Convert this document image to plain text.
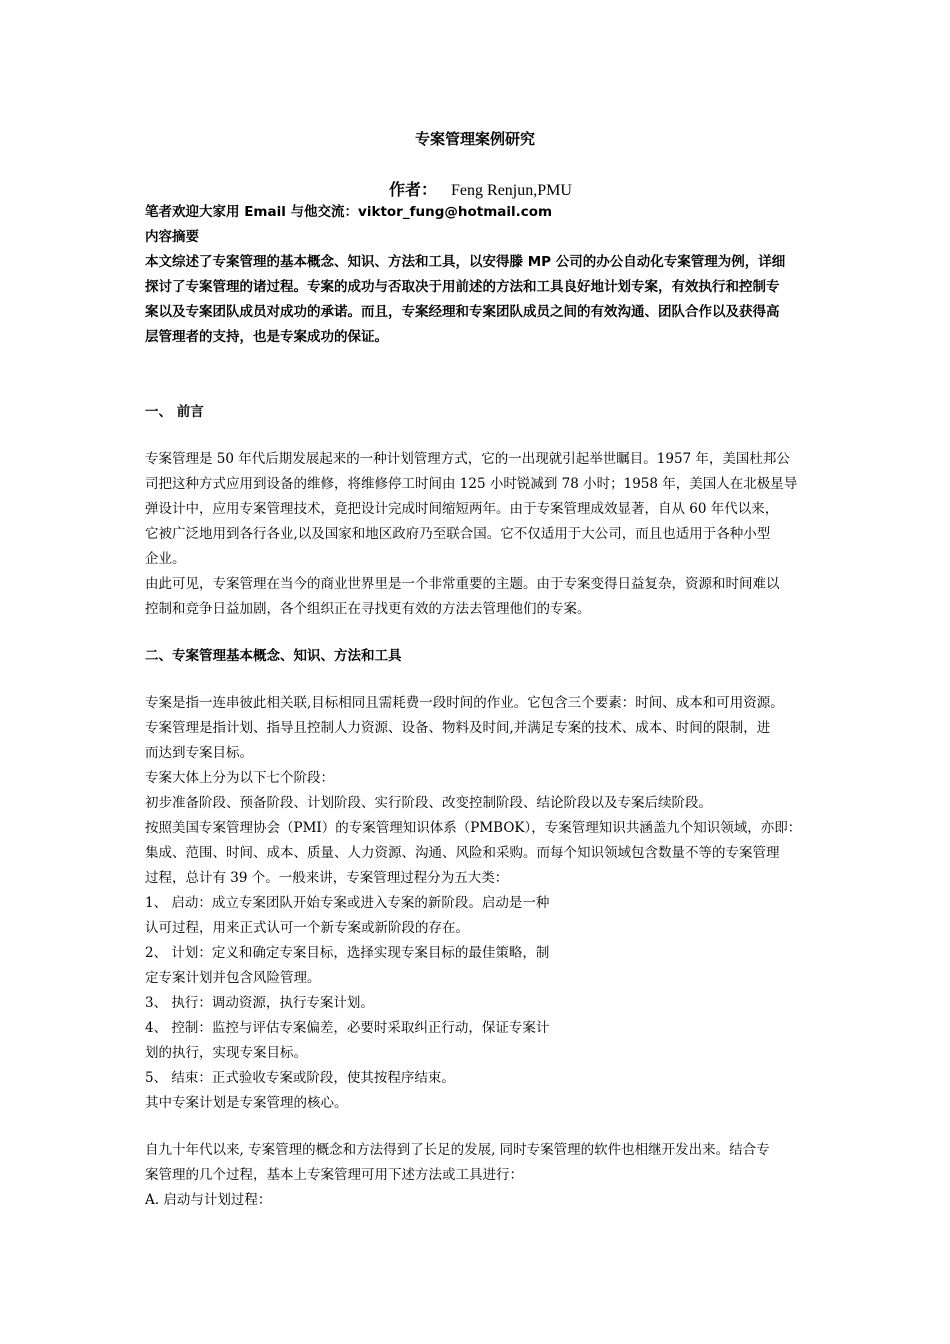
专案管理案例研究
作者： Feng Renjun,PMU
笔者欢迎大家用 Email 与他交流：viktor_fung@hotmail.com
内容摘要
本文综述了专案管理的基本概念、知识、方法和工具，以安得滕 MP 公司的办公自动化专案管理为例，详细
探讨了专案管理的诸过程。专案的成功与否取决于用前述的方法和工具良好地计划专案，有效执行和控制专
案以及专案团队成员对成功的承诺。而且，专案经理和专案团队成员之间的有效沟通、团队合作以及获得高
层管理者的支持，也是专案成功的保证。
一、 前言
专案管理是 50 年代后期发展起来的一种计划管理方式，它的一出现就引起举世瞩目。1957 年，美国杜邦公
司把这种方式应用到设备的维修，将维修停工时间由 125 小时锐减到 78 小时；1958 年，美国人在北极星导
弹设计中，应用专案管理技术，竟把设计完成时间缩短两年。由于专案管理成效显著，自从 60 年代以来，
它被广泛地用到各行各业,以及国家和地区政府乃至联合国。它不仅适用于大公司，而且也适用于各种小型
企业。
由此可见，专案管理在当今的商业世界里是一个非常重要的主题。由于专案变得日益复杂，资源和时间难以
控制和竞争日益加剧，各个组织正在寻找更有效的方法去管理他们的专案。
二、专案管理基本概念、知识、方法和工具
专案是指一连串彼此相关联,目标相同且需耗费一段时间的作业。它包含三个要素：时间、成本和可用资源。
专案管理是指计划、指导且控制人力资源、设备、物料及时间,并满足专案的技术、成本、时间的限制，进
而达到专案目标。
专案大体上分为以下七个阶段：
初步准备阶段、预备阶段、计划阶段、实行阶段、改变控制阶段、结论阶段以及专案后续阶段。
按照美国专案管理协会（PMI）的专案管理知识体系（PMBOK），专案管理知识共涵盖九个知识领域，亦即：
集成、范围、时间、成本、质量、人力资源、沟通、风险和采购。而每个知识领域包含数量不等的专案管理
过程，总计有 39 个。一般来讲，专案管理过程分为五大类：
1、 启动：成立专案团队开始专案或进入专案的新阶段。启动是一种
认可过程，用来正式认可一个新专案或新阶段的存在。
2、 计划：定义和确定专案目标，选择实现专案目标的最佳策略，制
定专案计划并包含风险管理。
3、 执行：调动资源，执行专案计划。
4、 控制：监控与评估专案偏差，必要时采取纠正行动，保证专案计
划的执行，实现专案目标。
5、 结束：正式验收专案或阶段，使其按程序结束。
其中专案计划是专案管理的核心。
自九十年代以来, 专案管理的概念和方法得到了长足的发展, 同时专案管理的软件也相继开发出来。结合专
案管理的几个过程，基本上专案管理可用下述方法或工具进行：
A. 启动与计划过程：
